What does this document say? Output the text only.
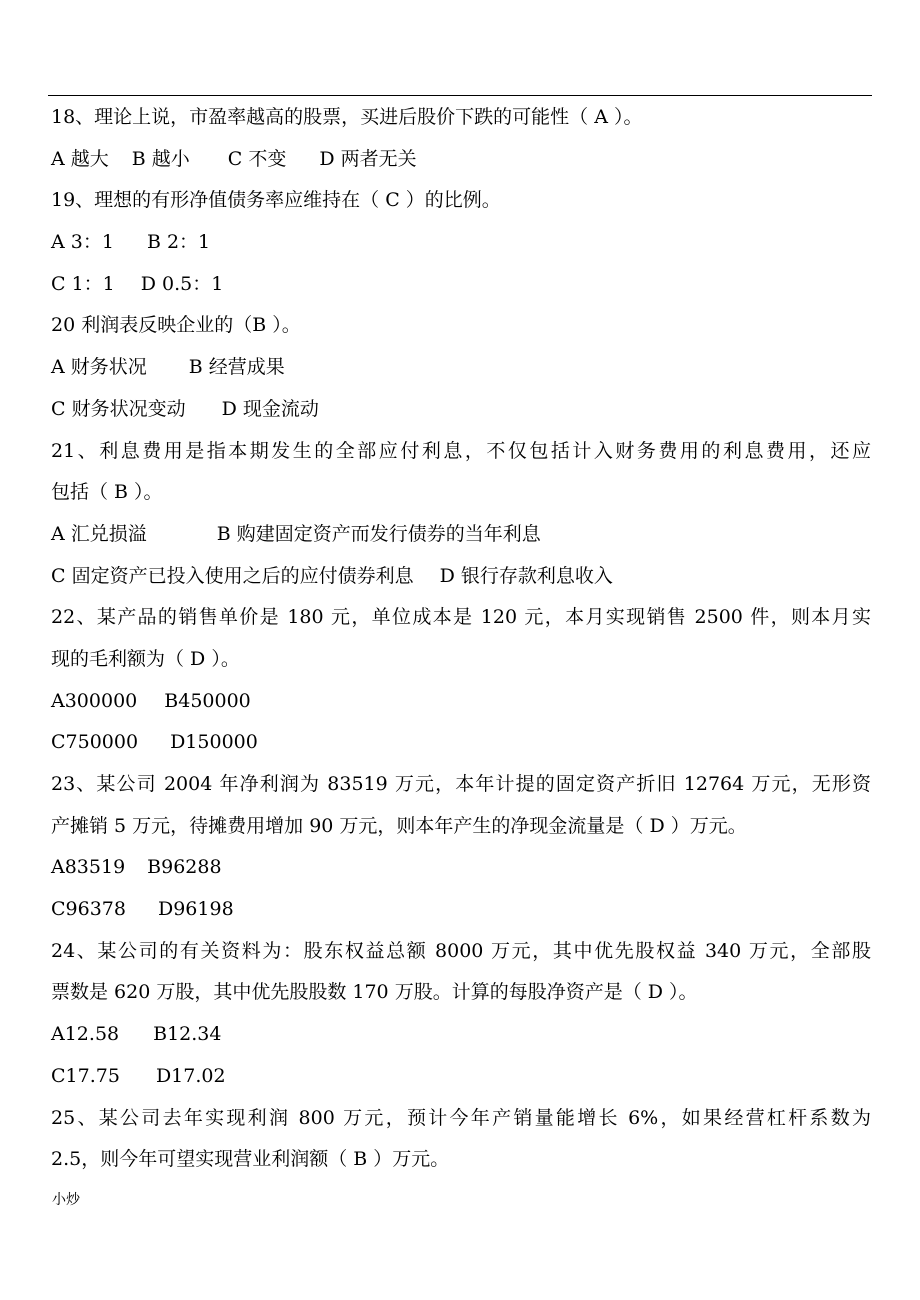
18、理论上说，市盈率越高的股票，买进后股价下跌的可能性（ A ）。
A 越大 B 越小 C 不变 D 两者无关
19、理想的有形净值债务率应维持在（ C ）的比例。
A 3：1 B 2：1
C 1：1 D 0.5：1
20 利润表反映企业的（B ）。
A 财务状况 B 经营成果
C 财务状况变动 D 现金流动
21、利息费用是指本期发生的全部应付利息，不仅包括计入财务费用的利息费用，还应
包括（ B ）。
A 汇兑损溢	B 购建固定资产而发行债券的当年利息
C 固定资产已投入使用之后的应付债券利息 D 银行存款利息收入
22、某产品的销售单价是 180 元，单位成本是 120 元，本月实现销售 2500 件，则本月实
现的毛利额为（ D ）。
A300000 B450000
C750000 D150000
23、某公司 2004 年净利润为 83519 万元，本年计提的固定资产折旧 12764 万元，无形资
产摊销 5 万元，待摊费用增加 90 万元，则本年产生的净现金流量是（ D ）万元。
A83519 B96288
C96378 D96198
24、某公司的有关资料为：股东权益总额 8000 万元，其中优先股权益 340 万元，全部股
票数是 620 万股，其中优先股股数 170 万股。计算的每股净资产是（ D ）。
A12.58 B12.34
C17.75 D17.02
25、某公司去年实现利润 800 万元，预计今年产销量能增长 6%，如果经营杠杆系数为
2.5，则今年可望实现营业利润额（ B ）万元。
小炒
